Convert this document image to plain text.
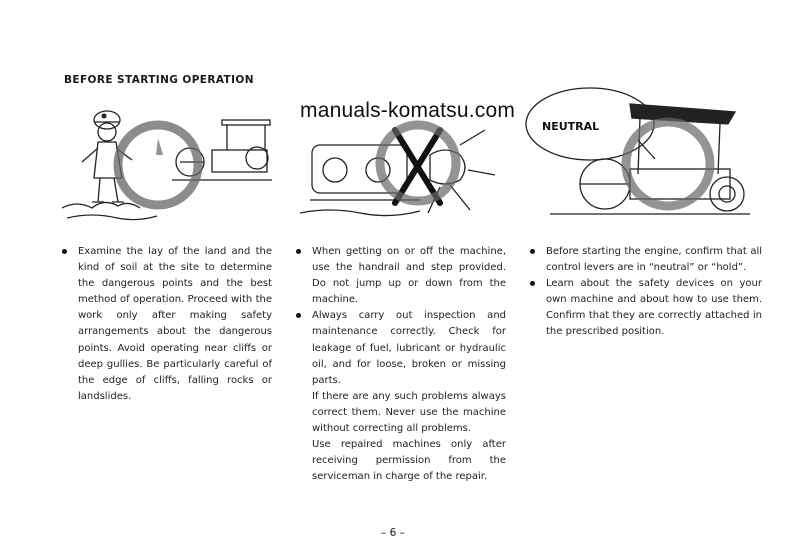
BEFORE STARTING OPERATION
NEUTRAL
manuals-komatsu.com
Examine the lay of the land and the kind of soil at the site to determine the dangerous points and the best method of operation. Proceed with the work only after making safety arrangements about the dangerous points. Avoid operating near cliffs or deep gullies. Be particularly careful of the edge of cliffs, falling rocks or landslides.
When getting on or off the machine, use the handrail and step provided. Do not jump up or down from the machine.
Always carry out inspection and maintenance correctly. Check for leakage of fuel, lubricant or hydraulic oil, and for loose, broken or missing parts.

If there are any such problems always correct them. Never use the machine without correcting all problems.

Use repaired machines only after receiving permission from the serviceman in charge of the repair.

Before starting the engine, confirm that all control levers are in “neutral” or “hold”.
Learn about the safety devices on your own machine and about how to use them. Confirm that they are correctly attached in the prescribed position.
– 6 –
